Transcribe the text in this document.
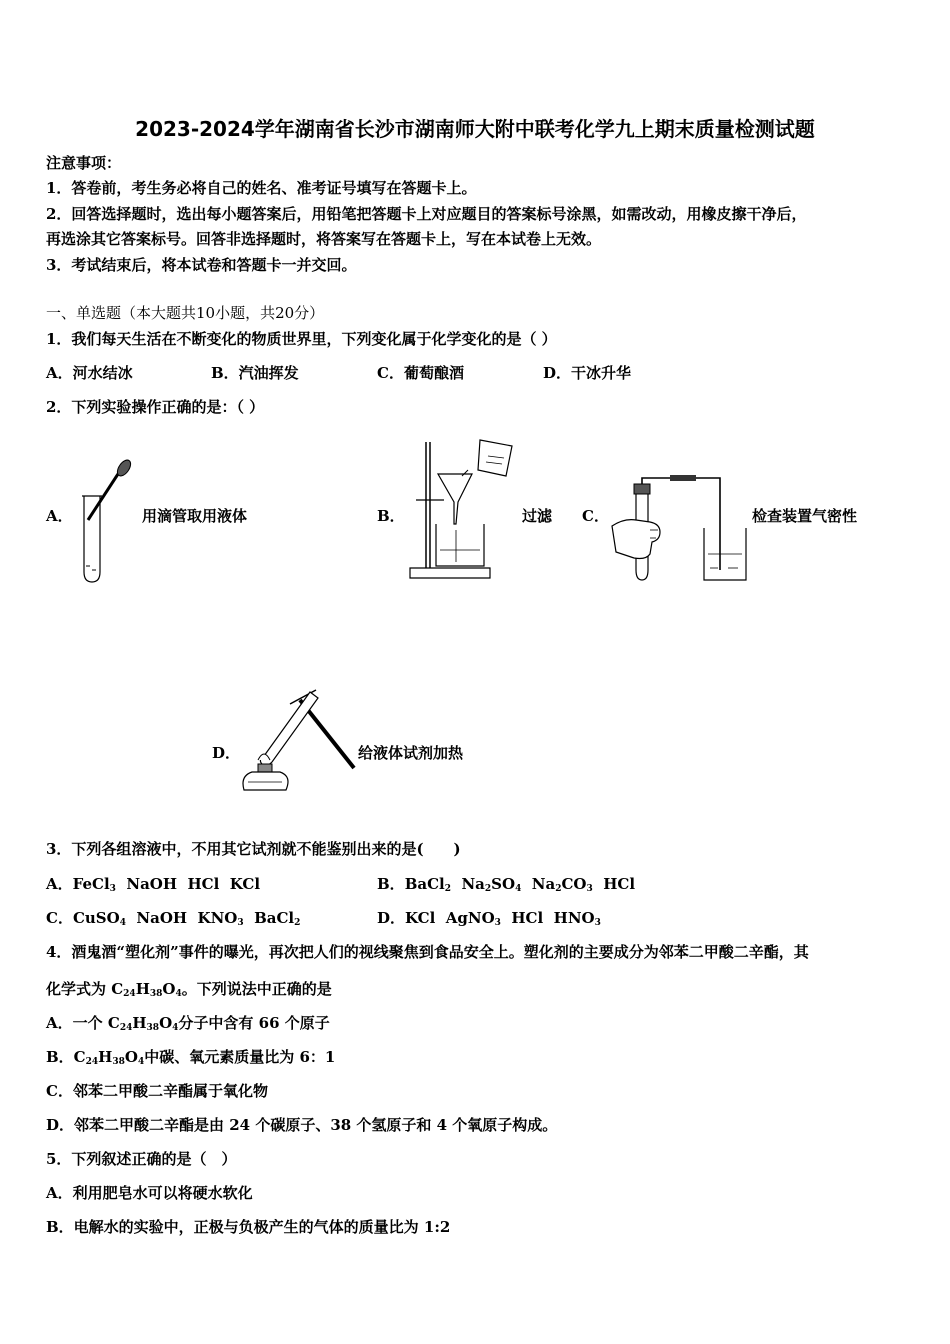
2023-2024学年湖南省长沙市湖南师大附中联考化学九上期末质量检测试题
注意事项：
1．答卷前，考生务必将自己的姓名、准考证号填写在答题卡上。
2．回答选择题时，选出每小题答案后，用铅笔把答题卡上对应题目的答案标号涂黑，如需改动，用橡皮擦干净后，
再选涂其它答案标号。回答非选择题时，将答案写在答题卡上，写在本试卷上无效。
3．考试结束后，将本试卷和答题卡一并交回。
一、单选题（本大题共10小题，共20分）
1．我们每天生活在不断变化的物质世界里，下列变化属于化学变化的是（ ）
A．河水结冰	B．汽油挥发	C．葡萄酿酒	D．干冰升华
2．下列实验操作正确的是：（ ）
A．	用滴管取用液体	B．	过滤 C．	检查装置气密性
D．	给液体试剂加热
3．下列各组溶液中，不用其它试剂就不能鉴别出来的是(　　)
A．FeCl$_3$ NaOH HCl KCl	B．BaCl$_2$ $Na_2SO_4$ $Na_2CO_3$ HCl
C．CuSO$_4$ NaOH $KNO_3$ BaCl$_2$	D．KCl AgNO$_3$ HCl $HNO_3$
4．酒鬼酒“塑化剂”事件的曝光，再次把人们的视线聚焦到食品安全上。塑化剂的主要成分为邻苯二甲酸二辛酯，其
化学式为 $C_{24}H_{38}O_4$。下列说法中正确的是
A．一个 $C_{24}H_{38}O_4$分子中含有 66 个原子
B．$C_{24}H_{38}O_4$中碳、氧元素质量比为 6：1
C．邻苯二甲酸二辛酯属于氧化物
D．邻苯二甲酸二辛酯是由 24 个碳原子、38 个氢原子和 4 个氧原子构成。
5．下列叙述正确的是（　）
A．利用肥皂水可以将硬水软化
B．电解水的实验中，正极与负极产生的气体的质量比为 1:2
